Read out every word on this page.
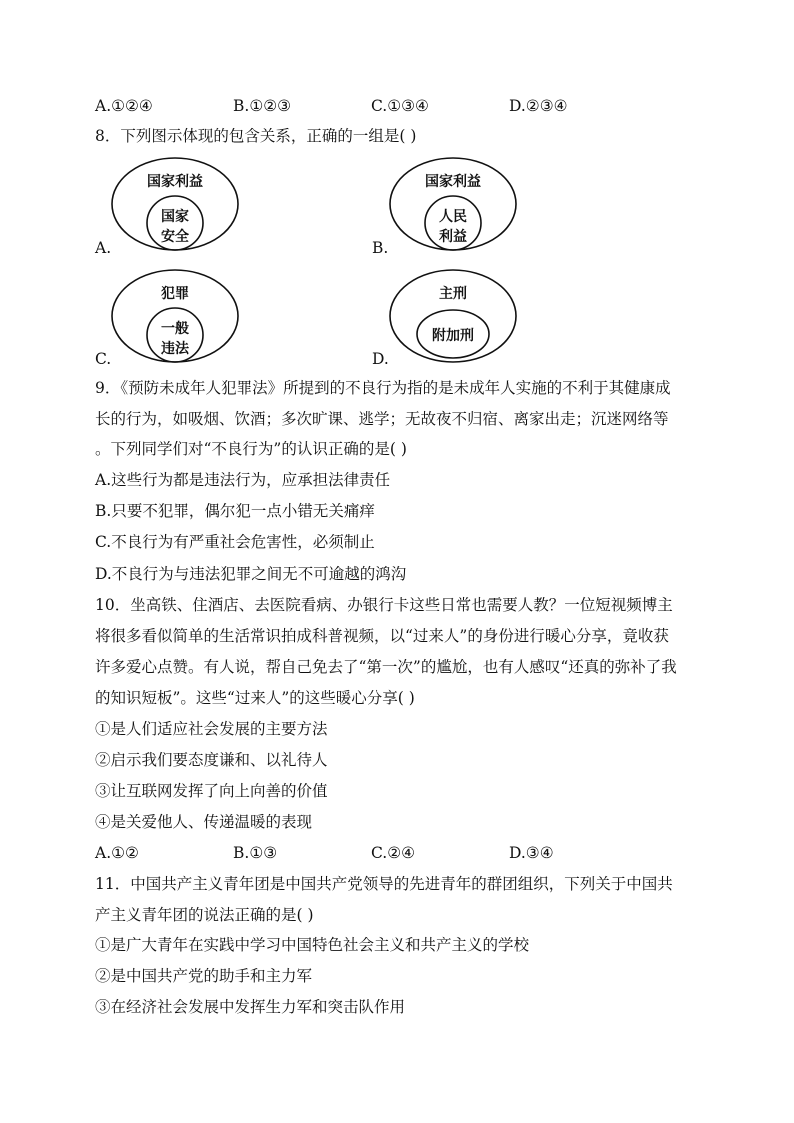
A.①②④	B.①②③	C.①③④	D.②③④
8．下列图示体现的包含关系，正确的一组是( )
国家利益
国家
安全
A.
国家利益
人民
利益
B.
犯罪
一般
违法
C.
主刑
附加刑
D.
9．《预防未成年人犯罪法》所提到的不良行为指的是未成年人实施的不利于其健康成
长的行为，如吸烟、饮酒；多次旷课、逃学；无故夜不归宿、离家出走；沉迷网络等
。下列同学们对“不良行为”的认识正确的是( )
A.这些行为都是违法行为，应承担法律责任
B.只要不犯罪，偶尔犯一点小错无关痛痒
C.不良行为有严重社会危害性，必须制止
D.不良行为与违法犯罪之间无不可逾越的鸿沟
10．坐高铁、住酒店、去医院看病、办银行卡这些日常也需要人教？一位短视频博主
将很多看似简单的生活常识拍成科普视频，以“过来人”的身份进行暖心分享，竟收获
许多爱心点赞。有人说，帮自己免去了“第一次”的尴尬，也有人感叹“还真的弥补了我
的知识短板”。这些“过来人”的这些暖心分享( )
①是人们适应社会发展的主要方法
②启示我们要态度谦和、以礼待人
③让互联网发挥了向上向善的价值
④是关爱他人、传递温暖的表现
A.①②	B.①③	C.②④	D.③④
11．中国共产主义青年团是中国共产党领导的先进青年的群团组织，下列关于中国共
产主义青年团的说法正确的是( )
①是广大青年在实践中学习中国特色社会主义和共产主义的学校
②是中国共产党的助手和主力军
③在经济社会发展中发挥生力军和突击队作用
